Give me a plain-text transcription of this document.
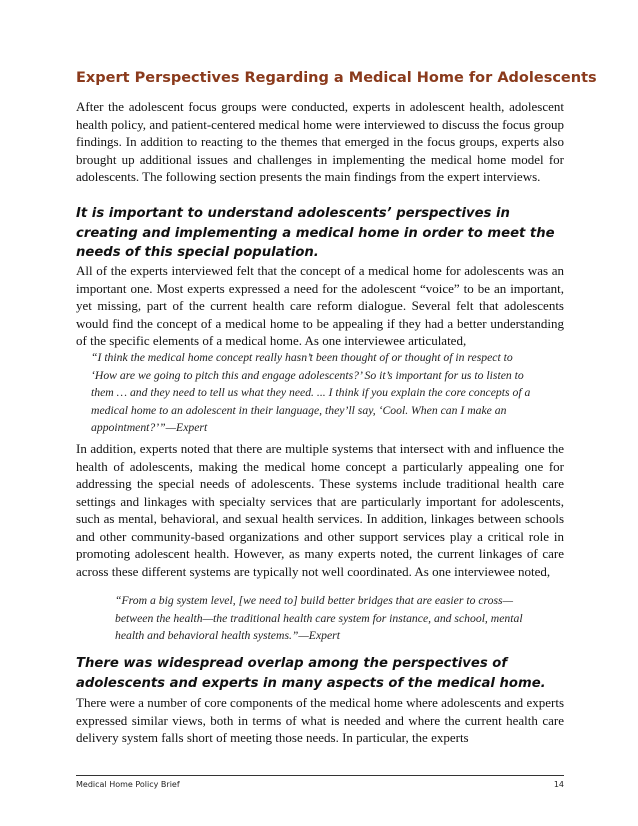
Expert Perspectives Regarding a Medical Home for Adolescents

After the adolescent focus groups were conducted, experts in adolescent health, adolescent health policy, and patient-centered medical home were interviewed to discuss the focus group findings. In addition to reacting to the themes that emerged in the focus groups, experts also brought up additional issues and challenges in implementing the medical home model for adolescents. The following section presents the main findings from the expert interviews.

It is important to understand adolescents’ perspectives in creating and implementing a medical home in order to meet the needs of this special population.

All of the experts interviewed felt that the concept of a medical home for adolescents was an important one. Most experts expressed a need for the adolescent “voice” to be an important, yet missing, part of the current health care reform dialogue. Several felt that adolescents would find the concept of a medical home to be appealing if they had a better understanding of the specific elements of a medical home. As one interviewee articulated,

“I think the medical home concept really hasn’t been thought of or thought of in respect to ‘How are we going to pitch this and engage adolescents?’ So it’s important for us to listen to them … and they need to tell us what they need. ... I think if you explain the core concepts of a medical home to an adolescent in their language, they’ll say, ‘Cool. When can I make an appointment?’”—Expert

In addition, experts noted that there are multiple systems that intersect with and influence the health of adolescents, making the medical home concept a particularly appealing one for addressing the special needs of adolescents. These systems include traditional health care settings and linkages with specialty services that are particularly important for adolescents, such as mental, behavioral, and sexual health services. In addition, linkages between schools and other community-based organizations and other support services play a critical role in promoting adolescent health. However, as many experts noted, the current linkages of care across these different systems are typically not well coordinated. As one interviewee noted,

“From a big system level, [we need to] build better bridges that are easier to cross—between the health—the traditional health care system for instance, and school, mental health and behavioral health systems.”—Expert

There was widespread overlap among the perspectives of adolescents and experts in many aspects of the medical home.

There were a number of core components of the medical home where adolescents and experts expressed similar views, both in terms of what is needed and where the current health care delivery system falls short of meeting those needs. In particular, the experts

Medical Home Policy Brief	14
